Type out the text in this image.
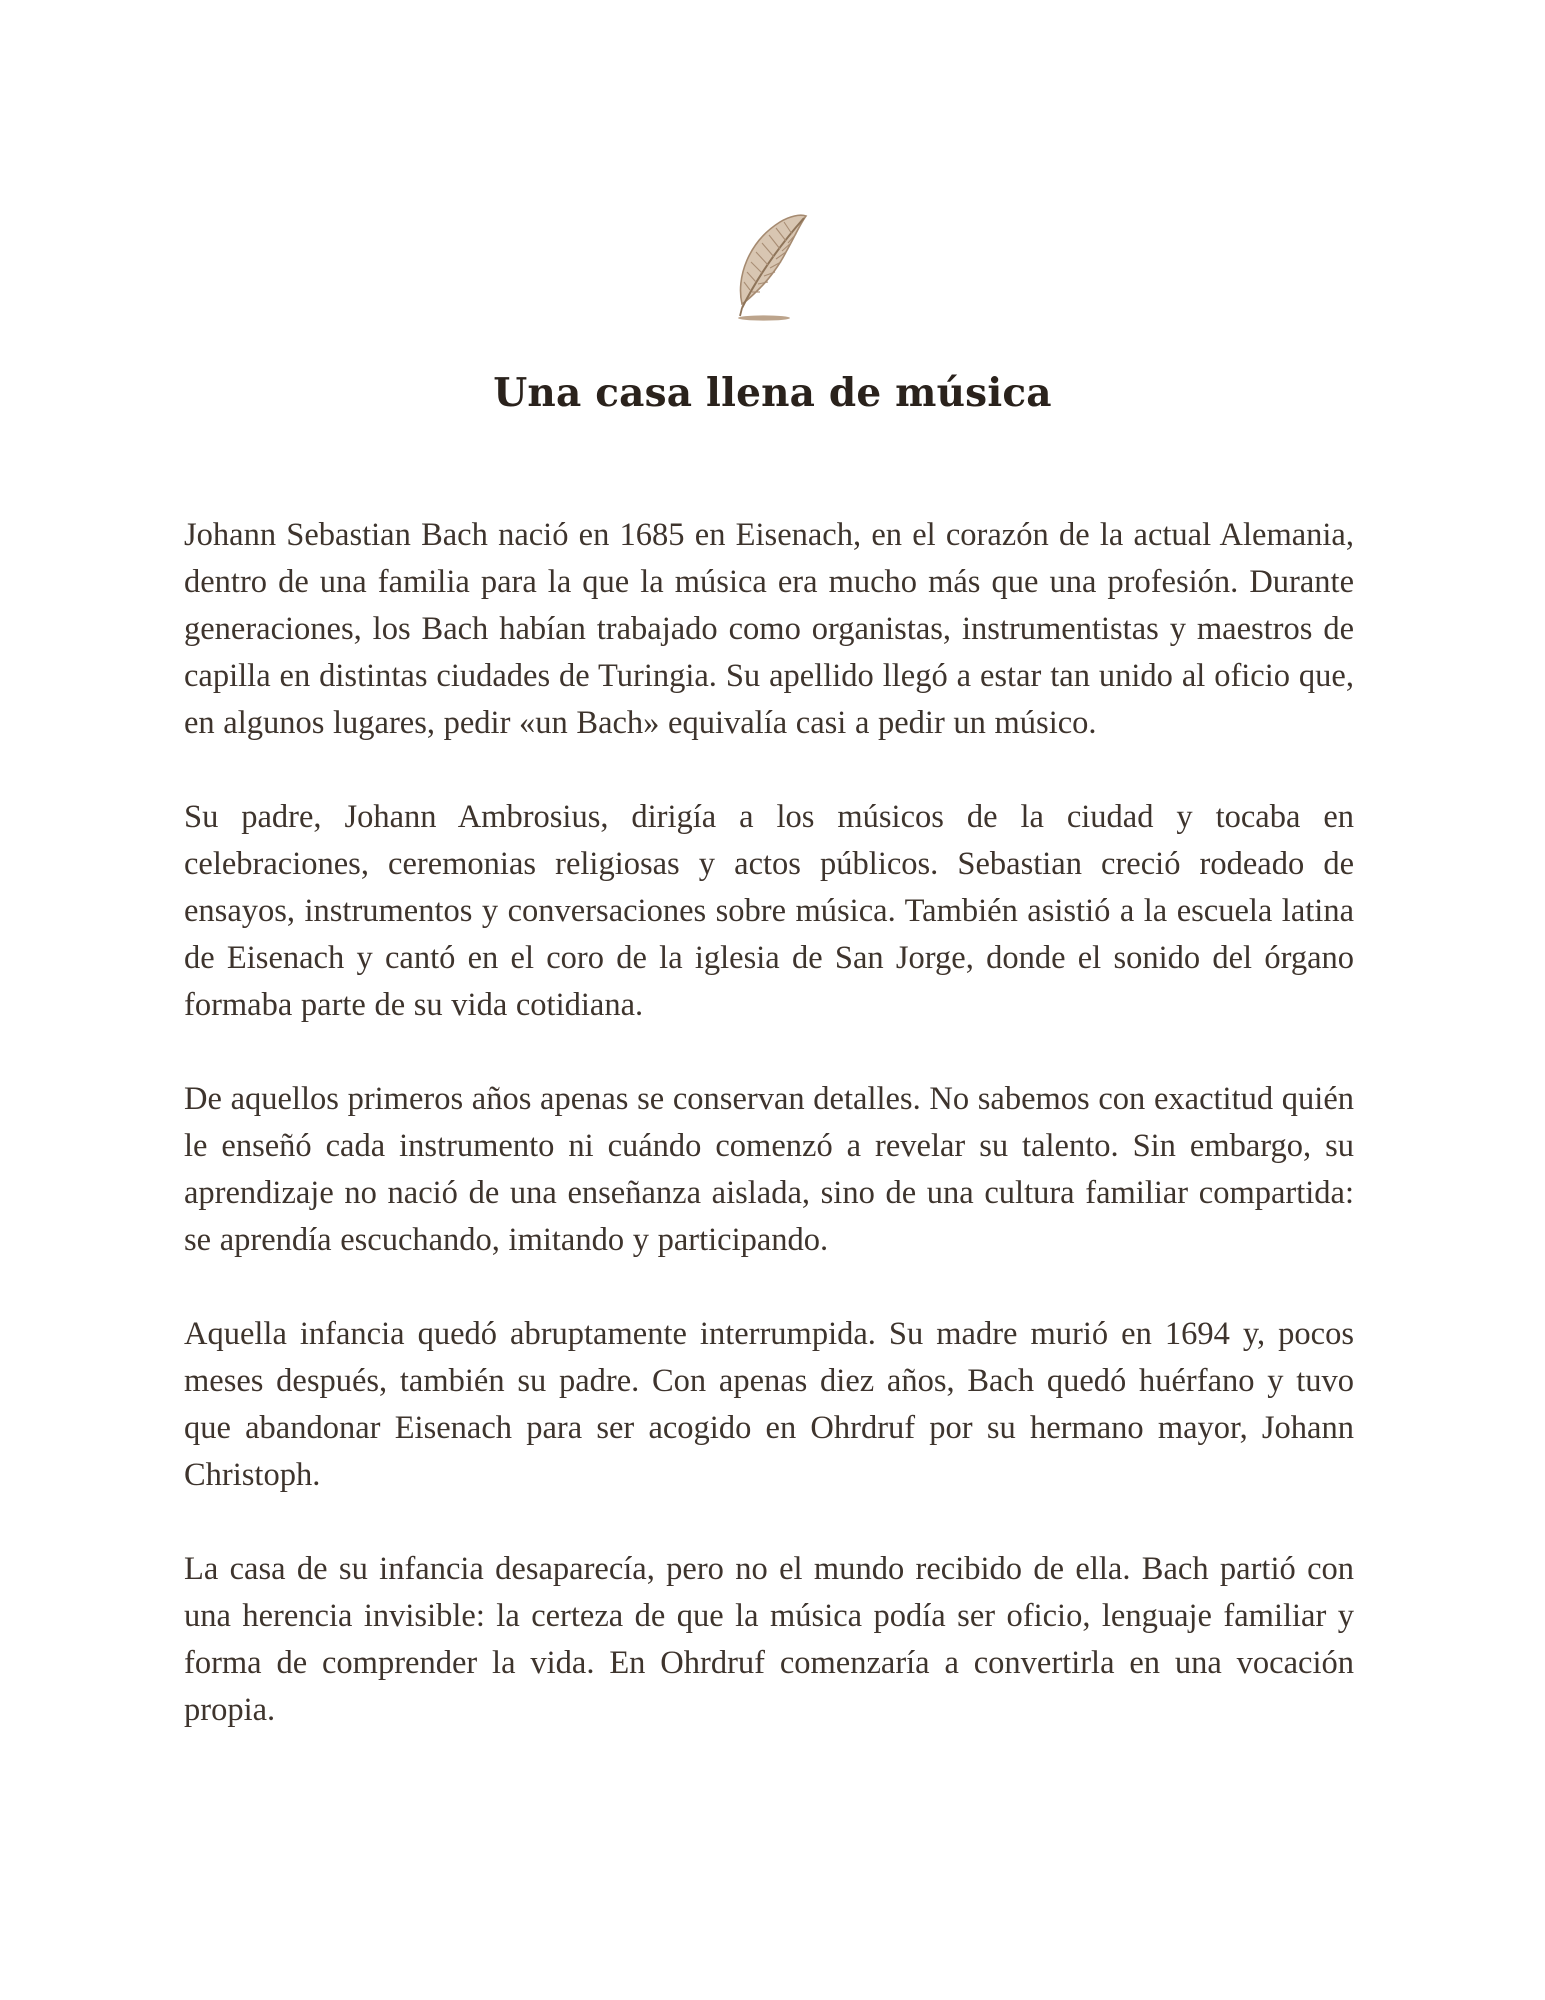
Una casa llena de música

Johann Sebastian Bach nació en 1685 en Eisenach, en el corazón de la actual Alemania, dentro de una familia para la que la música era mucho más que una profesión. Durante generaciones, los Bach habían trabajado como organistas, instrumentistas y maestros de capilla en distintas ciudades de Turingia. Su apellido llegó a estar tan unido al oficio que, en algunos lugares, pedir «un Bach» equivalía casi a pedir un músico.

Su padre, Johann Ambrosius, dirigía a los músicos de la ciudad y tocaba en celebraciones, ceremonias religiosas y actos públicos. Sebastian creció rodeado de ensayos, instrumentos y conversaciones sobre música. También asistió a la escuela latina de Eisenach y cantó en el coro de la iglesia de San Jorge, donde el sonido del órgano formaba parte de su vida cotidiana.

De aquellos primeros años apenas se conservan detalles. No sabemos con exactitud quién le enseñó cada instrumento ni cuándo comenzó a revelar su talento. Sin embargo, su aprendizaje no nació de una enseñanza aislada, sino de una cultura familiar compartida: se aprendía escuchando, imitando y participando.

Aquella infancia quedó abruptamente interrumpida. Su madre murió en 1694 y, pocos meses después, también su padre. Con apenas diez años, Bach quedó huérfano y tuvo que abandonar Eisenach para ser acogido en Ohrdruf por su hermano mayor, Johann Christoph.

La casa de su infancia desaparecía, pero no el mundo recibido de ella. Bach partió con una herencia invisible: la certeza de que la música podía ser oficio, lenguaje familiar y forma de comprender la vida. En Ohrdruf comenzaría a convertirla en una vocación propia.
